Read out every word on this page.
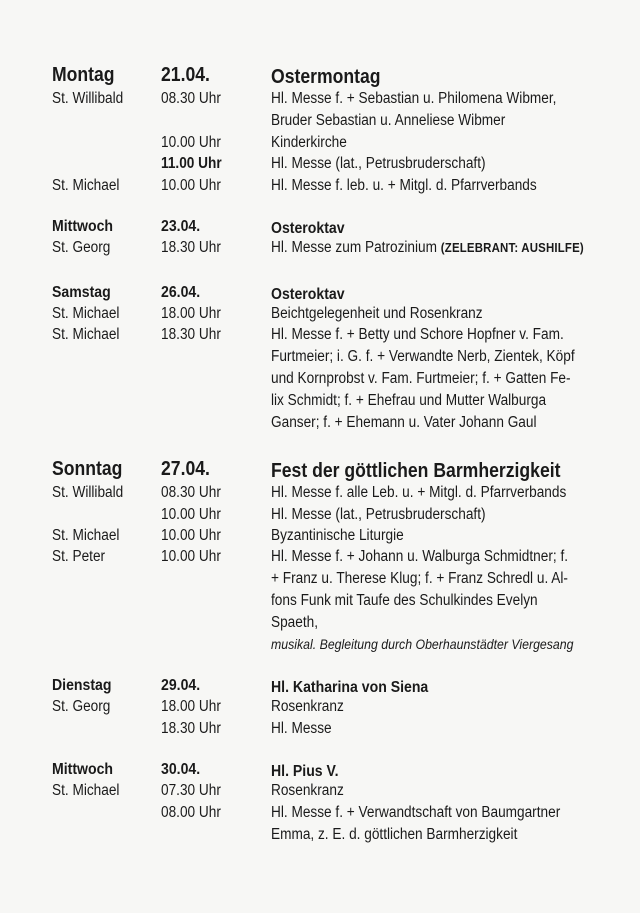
Montag 21.04.	Ostermontag
St. Willibald 08.30 Uhr	Hl. Messe f. + Sebastian u. Philomena Wibmer,
Bruder Sebastian u. Anneliese Wibmer
10.00 Uhr	Kinderkirche
11.00 Uhr	Hl. Messe (lat., Petrusbruderschaft)
St. Michael	10.00 Uhr	Hl. Messe f. leb. u. + Mitgl. d. Pfarrverbands
Mittwoch	23.04.	Osteroktav
St. Georg	18.30 Uhr	Hl. Messe zum Patrozinium (ZELEBRANT: AUSHILFE)
Samstag	26.04.	Osteroktav
St. Michael	18.00 Uhr	Beichtgelegenheit und Rosenkranz
St. Michael	18.30 Uhr	Hl. Messe f. + Betty und Schore Hopfner v. Fam.
Furtmeier; i. G. f. + Verwandte Nerb, Zientek, Köpf
und Kornprobst v. Fam. Furtmeier; f. + Gatten Fe-
lix Schmidt; f. + Ehefrau und Mutter Walburga
Ganser; f. + Ehemann u. Vater Johann Gaul
Sonntag 27.04.	Fest der göttlichen Barmherzigkeit
St. Willibald 08.30 Uhr	Hl. Messe f. alle Leb. u. + Mitgl. d. Pfarrverbands
10.00 Uhr	Hl. Messe (lat., Petrusbruderschaft)
St. Michael	10.00 Uhr	Byzantinische Liturgie
St. Peter	10.00 Uhr	Hl. Messe f. + Johann u. Walburga Schmidtner; f.
+ Franz u. Therese Klug; f. + Franz Schredl u. Al-
fons Funk mit Taufe des Schulkindes Evelyn
Spaeth,
musikal. Begleitung durch Oberhaunstädter Viergesang
Dienstag	29.04.	Hl. Katharina von Siena
St. Georg	18.00 Uhr	Rosenkranz
18.30 Uhr	Hl. Messe
Mittwoch	30.04.	Hl. Pius V.
St. Michael	07.30 Uhr	Rosenkranz
08.00 Uhr	Hl. Messe f. + Verwandtschaft von Baumgartner
Emma, z. E. d. göttlichen Barmherzigkeit
